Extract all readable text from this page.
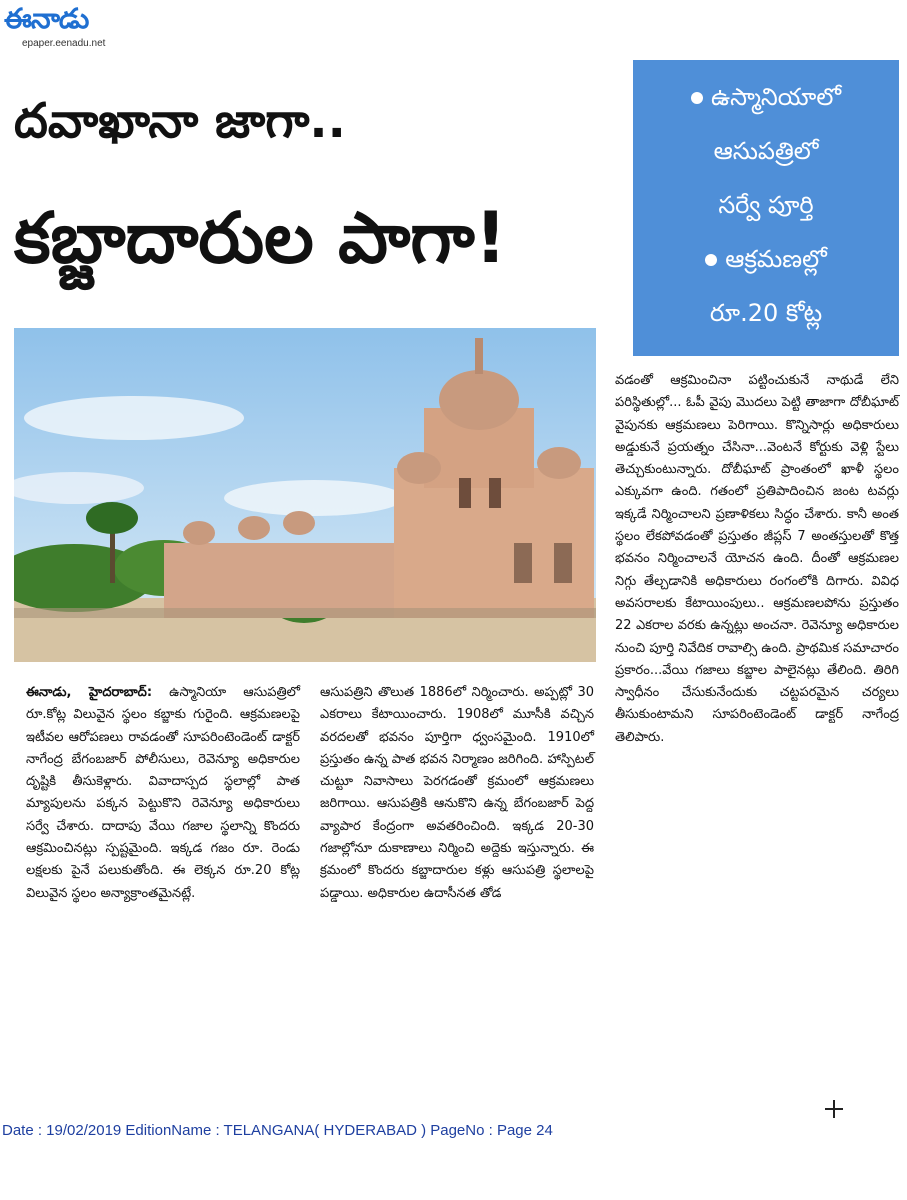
ఈనాడు
epaper.eenadu.net
దవాఖానా జాగా..
కబ్జాదారుల పాగా!
ఉస్మానియాలో
ఆసుపత్రిలో
సర్వే పూర్తి
ఆక్రమణల్లో
రూ.20 కోట్ల
విలువైన స్థలం

ఈనాడు, హైదరాబాద్: ఉస్మానియా ఆసుపత్రిలో రూ.కోట్ల విలువైన స్థలం కబ్జాకు గురైంది. ఆక్రమణలపై ఇటీవల ఆరోపణలు రావడంతో సూపరింటెండెంట్ డాక్టర్ నాగేంద్ర బేగంబజార్ పోలీసులు, రెవెన్యూ అధికారుల దృష్టికి తీసుకెళ్లారు. వివాదాస్పద స్థలాల్లో పాత మ్యాపులను పక్కన పెట్టుకొని రెవెన్యూ అధికారులు సర్వే చేశారు. దాదాపు వేయి గజాల స్థలాన్ని కొందరు ఆక్రమించినట్లు స్పష్టమైంది. ఇక్కడ గజం రూ. రెండు లక్షలకు పైనే పలుకుతోంది. ఈ లెక్కన రూ.20 కోట్ల విలువైన స్థలం అన్యాక్రాంతమైనట్లే.

ఆసుపత్రిని తొలుత 1886లో నిర్మించారు. అప్పట్లో 30 ఎకరాలు కేటాయించారు. 1908లో మూసీకి వచ్చిన వరదలతో భవనం పూర్తిగా ధ్వంసమైంది. 1910లో ప్రస్తుతం ఉన్న పాత భవన నిర్మాణం జరిగింది. హాస్పిటల్ చుట్టూ నివాసాలు పెరగడంతో క్రమంలో ఆక్రమణలు జరిగాయి. ఆసుపత్రికి ఆనుకొని ఉన్న బేగంబజార్ పెద్ద వ్యాపార కేంద్రంగా అవతరించింది. ఇక్కడ 20-30 గజాల్లోనూ దుకాణాలు నిర్మించి అద్దెకు ఇస్తున్నారు. ఈ క్రమంలో కొందరు కబ్జాదారుల కళ్లు ఆసుపత్రి స్థలాలపై పడ్డాయి. అధికారుల ఉదాసీనత తోడ

వడంతో ఆక్రమించినా పట్టించుకునే నాథుడే లేని పరిస్థితుల్లో... ఓపీ వైపు మొదలు పెట్టి తాజాగా దోబీఘాట్ వైపునకు ఆక్రమణలు పెరిగాయి. కొన్నిసార్లు అధికారులు అడ్డుకునే ప్రయత్నం చేసినా...వెంటనే కోర్టుకు వెళ్లి స్టేలు తెచ్చుకుంటున్నారు. దోబీఘాట్ ప్రాంతంలో ఖాళీ స్థలం ఎక్కువగా ఉంది. గతంలో ప్రతిపాదించిన జంట టవర్లు ఇక్కడే నిర్మించాలని ప్రణాళికలు సిద్ధం చేశారు. కానీ అంత స్థలం లేకపోవడంతో ప్రస్తుతం జీప్లస్ 7 అంతస్తులతో కొత్త భవనం నిర్మించాలనే యోచన ఉంది. దీంతో ఆక్రమణల నిగ్గు తేల్చడానికి అధికారులు రంగంలోకి దిగారు. వివిధ అవసరాలకు కేటాయింపులు.. ఆక్రమణలపోను ప్రస్తుతం 22 ఎకరాల వరకు ఉన్నట్లు అంచనా. రెవెన్యూ అధికారుల నుంచి పూర్తి నివేదిక రావాల్సి ఉంది. ప్రాథమిక సమాచారం ప్రకారం...వేయి గజాలు కబ్జాల పాలైనట్లు తేలింది. తిరిగి స్వాధీనం చేసుకునేందుకు చట్టపరమైన చర్యలు తీసుకుంటామని సూపరింటెండెంట్ డాక్టర్ నాగేంద్ర తెలిపారు.

Date : 19/02/2019 EditionName : TELANGANA( HYDERABAD ) PageNo : Page 24
